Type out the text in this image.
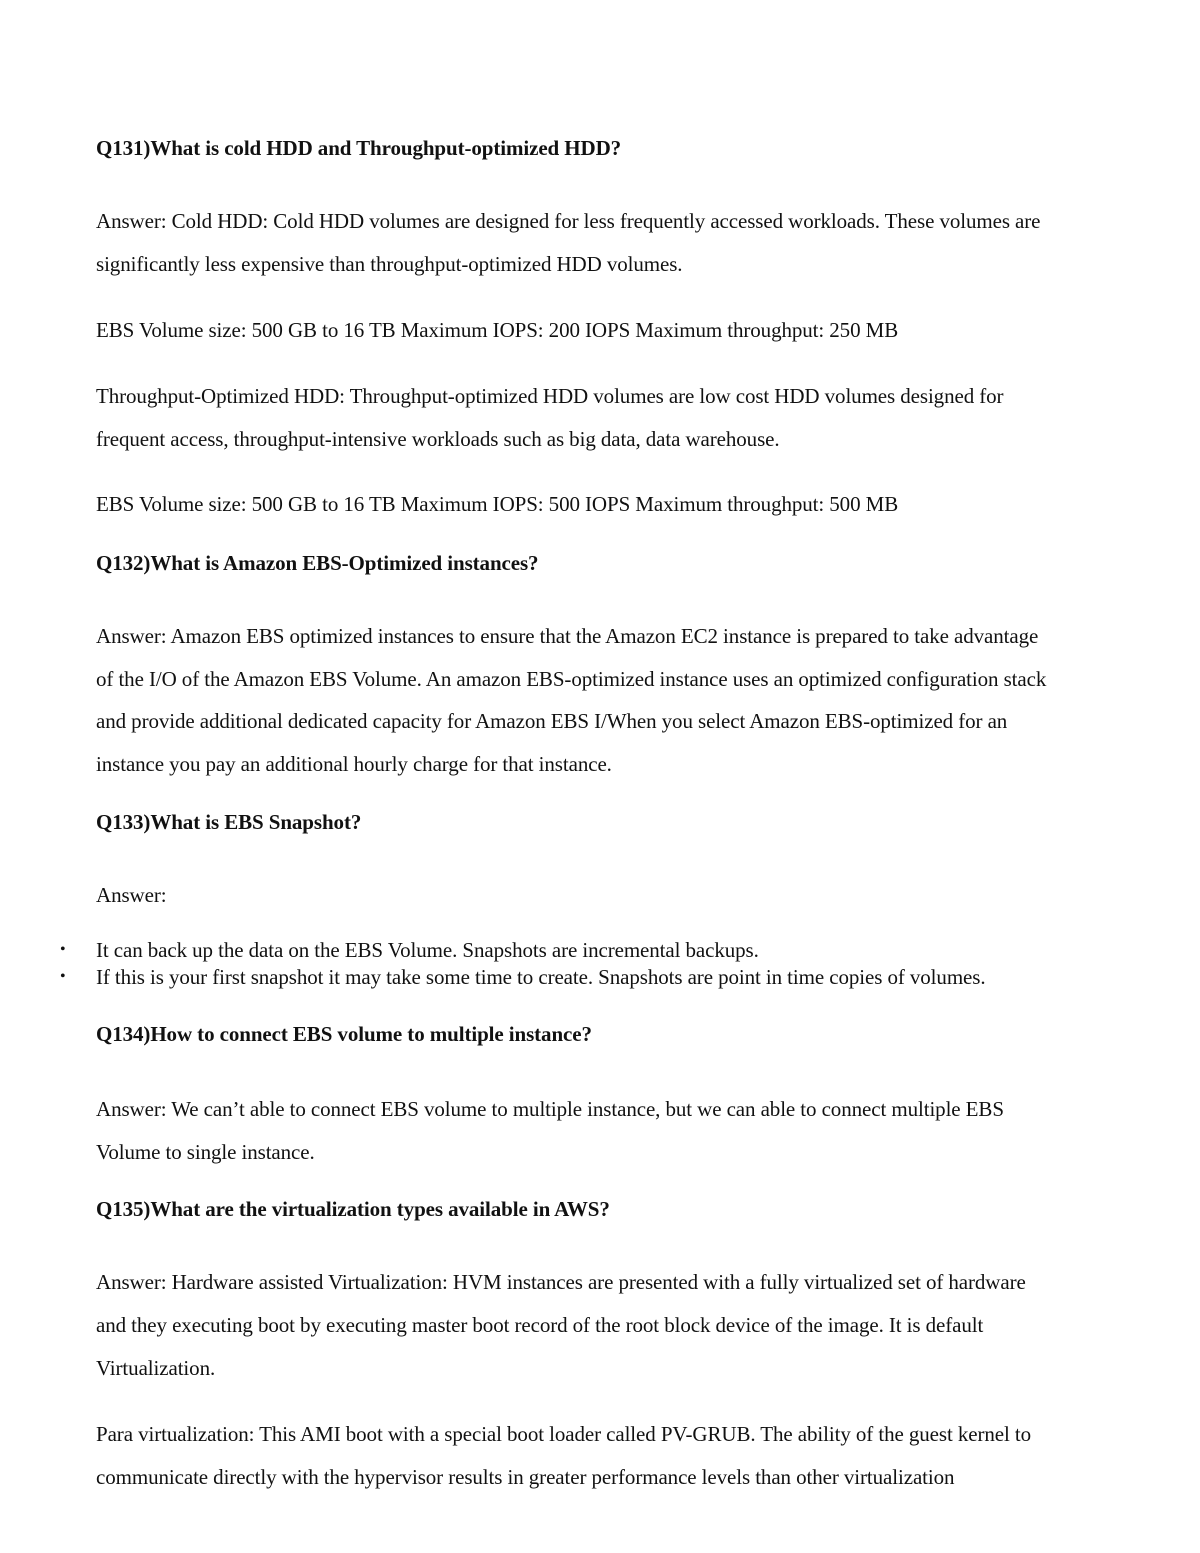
Q131)What is cold HDD and Throughput-optimized HDD?
Answer: Cold HDD: Cold HDD volumes are designed for less frequently accessed workloads. These volumes are
significantly less expensive than throughput-optimized HDD volumes.
EBS Volume size: 500 GB to 16 TB Maximum IOPS: 200 IOPS Maximum throughput: 250 MB
Throughput-Optimized HDD: Throughput-optimized HDD volumes are low cost HDD volumes designed for
frequent access, throughput-intensive workloads such as big data, data warehouse.
EBS Volume size: 500 GB to 16 TB Maximum IOPS: 500 IOPS Maximum throughput: 500 MB
Q132)What is Amazon EBS-Optimized instances?
Answer: Amazon EBS optimized instances to ensure that the Amazon EC2 instance is prepared to take advantage
of the I/O of the Amazon EBS Volume. An amazon EBS-optimized instance uses an optimized configuration stack
and provide additional dedicated capacity for Amazon EBS I/When you select Amazon EBS-optimized for an
instance you pay an additional hourly charge for that instance.
Q133)What is EBS Snapshot?
Answer:
• It can back up the data on the EBS Volume. Snapshots are incremental backups.
• If this is your first snapshot it may take some time to create. Snapshots are point in time copies of volumes.
Q134)How to connect EBS volume to multiple instance?
Answer: We can’t able to connect EBS volume to multiple instance, but we can able to connect multiple EBS
Volume to single instance.
Q135)What are the virtualization types available in AWS?
Answer: Hardware assisted Virtualization: HVM instances are presented with a fully virtualized set of hardware
and they executing boot by executing master boot record of the root block device of the image. It is default
Virtualization.
Para virtualization: This AMI boot with a special boot loader called PV-GRUB. The ability of the guest kernel to
communicate directly with the hypervisor results in greater performance levels than other virtualization
